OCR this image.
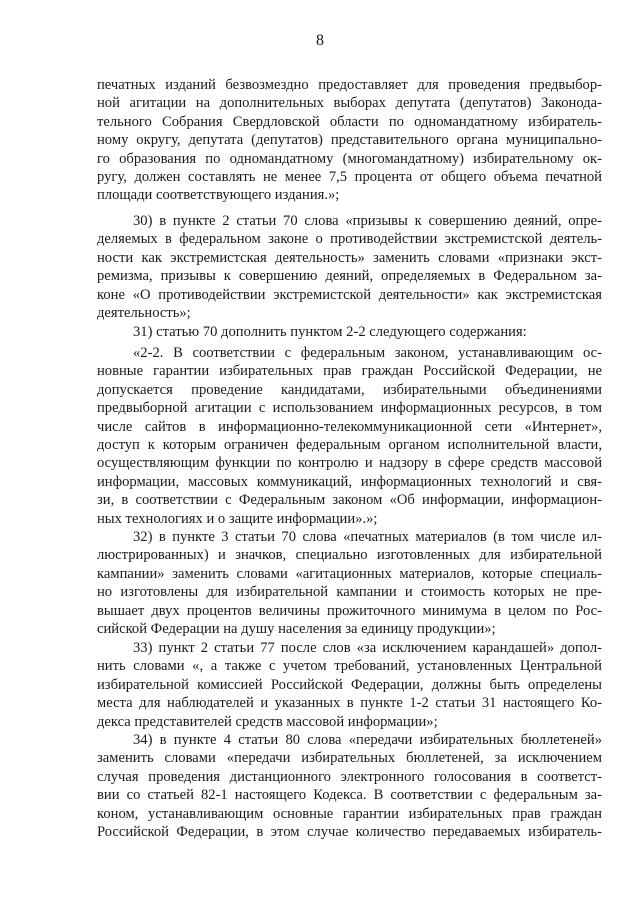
8
печатных изданий безвозмездно предоставляет для проведения предвыбор-
ной агитации на дополнительных выборах депутата (депутатов) Законода-
тельного Собрания Свердловской области по одномандатному избиратель-
ному округу, депутата (депутатов) представительного органа муниципально-
го образования по одномандатному (многомандатному) избирательному ок-
ругу, должен составлять не менее 7,5 процента от общего объема печатной
площади соответствующего издания.»;
30) в пункте 2 статьи 70 слова «призывы к совершению деяний, опре-
деляемых в федеральном законе о противодействии экстремистской деятель-
ности как экстремистская деятельность» заменить словами «признаки экст-
ремизма, призывы к совершению деяний, определяемых в Федеральном за-
коне «О противодействии экстремистской деятельности» как экстремистская
деятельность»;
31) статью 70 дополнить пунктом 2-2 следующего содержания:
«2-2. В соответствии с федеральным законом, устанавливающим ос-
новные гарантии избирательных прав граждан Российской Федерации, не
допускается проведение кандидатами, избирательными объединениями
предвыборной агитации с использованием информационных ресурсов, в том
числе сайтов в информационно-телекоммуникационной сети «Интернет»,
доступ к которым ограничен федеральным органом исполнительной власти,
осуществляющим функции по контролю и надзору в сфере средств массовой
информации, массовых коммуникаций, информационных технологий и свя-
зи, в соответствии с Федеральным законом «Об информации, информацион-
ных технологиях и о защите информации».»;
32) в пункте 3 статьи 70 слова «печатных материалов (в том числе ил-
люстрированных) и значков, специально изготовленных для избирательной
кампании» заменить словами «агитационных материалов, которые специаль-
но изготовлены для избирательной кампании и стоимость которых не пре-
вышает двух процентов величины прожиточного минимума в целом по Рос-
сийской Федерации на душу населения за единицу продукции»;
33) пункт 2 статьи 77 после слов «за исключением карандашей» допол-
нить словами «, а также с учетом требований, установленных Центральной
избирательной комиссией Российской Федерации, должны быть определены
места для наблюдателей и указанных в пункте 1-2 статьи 31 настоящего Ко-
декса представителей средств массовой информации»;
34) в пункте 4 статьи 80 слова «передачи избирательных бюллетеней»
заменить словами «передачи избирательных бюллетеней, за исключением
случая проведения дистанционного электронного голосования в соответст-
вии со статьей 82-1 настоящего Кодекса. В соответствии с федеральным за-
коном, устанавливающим основные гарантии избирательных прав граждан
Российской Федерации, в этом случае количество передаваемых избиратель-
